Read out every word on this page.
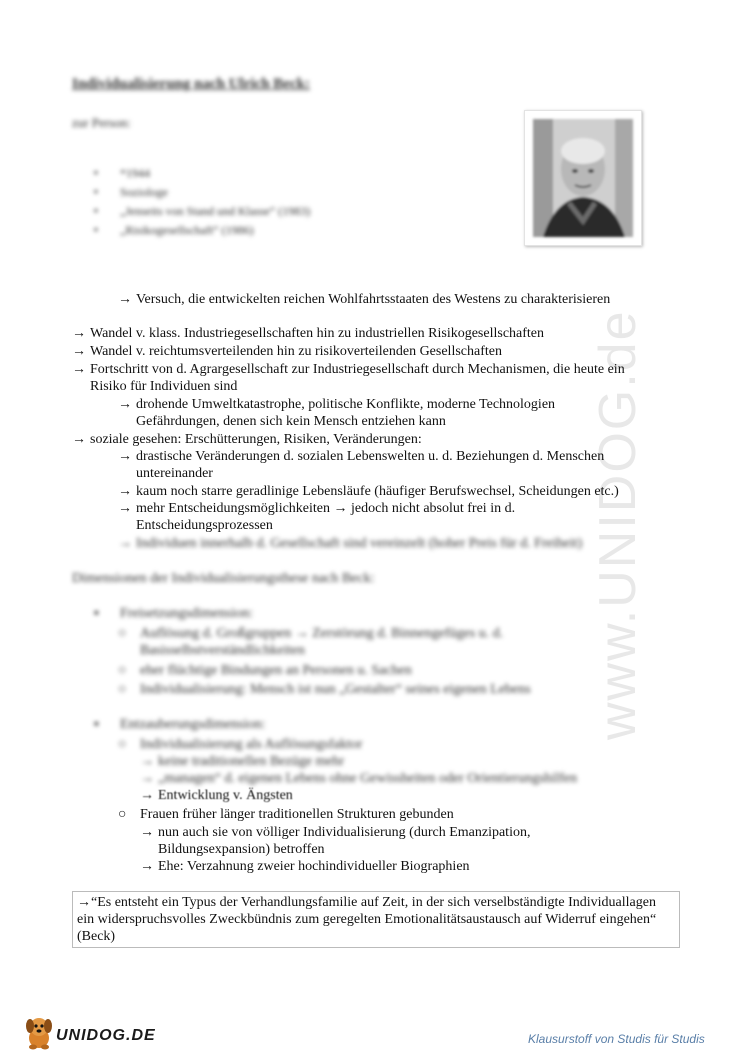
Individualisierung nach Ulrich Beck:
zur Person:
▪ *1944
▪ Soziologe
▪ „Jenseits von Stand und Klasse“ (1983)
▪ „Risikogesellschaft“ (1986)
www.UNIDOG.de
→ Versuch, die entwickelten reichen Wohlfahrtsstaaten des Westens zu charakterisieren
→ Wandel v. klass. Industriegesellschaften hin zu industriellen Risikogesellschaften
→ Wandel v. reichtumsverteilenden hin zu risikoverteilenden Gesellschaften
→ Fortschritt von d. Agrargesellschaft zur Industriegesellschaft durch Mechanismen, die heute ein
Risiko für Individuen sind
→ drohende Umweltkatastrophe, politische Konflikte, moderne Technologien
Gefährdungen, denen sich kein Mensch entziehen kann
→ soziale gesehen: Erschütterungen, Risiken, Veränderungen:
→ drastische Veränderungen d. sozialen Lebenswelten u. d. Beziehungen d. Menschen
untereinander
→ kaum noch starre geradlinige Lebensläufe (häufiger Berufswechsel, Scheidungen etc.)
→ mehr Entscheidungsmöglichkeiten → jedoch nicht absolut frei in d.
Entscheidungsprozessen
→ Individuen innerhalb d. Gesellschaft sind vereinzelt (hoher Preis für d. Freiheit)
Dimensionen der Individualisierungsthese nach Beck:
▪ Freisetzungsdimension:
○ Auflösung d. Großgruppen → Zerstörung d. Binnengefüges u. d.
Basisselbstverständlichkeiten
○ eher flüchtige Bindungen an Personen u. Sachen
○ Individualisierung: Mensch ist nun „Gestalter“ seines eigenen Lebens
▪ Entzauberungsdimension:
○ Individualisierung als Auflösungsfaktor
→ keine traditionellen Bezüge mehr
→ „managen“ d. eigenen Lebens ohne Gewissheiten oder Orientierungshilfen
→ Entwicklung v. Ängsten
○ Frauen früher länger traditionellen Strukturen gebunden
→ nun auch sie von völliger Individualisierung (durch Emanzipation,
Bildungsexpansion) betroffen
→ Ehe: Verzahnung zweier hochindividueller Biographien
→“Es entsteht ein Typus der Verhandlungsfamilie auf Zeit, in der sich verselbständigte Individuallagen ein widerspruchsvolles Zweckbündnis zum geregelten Emotionalitätsaustausch auf Widerruf eingehen“ (Beck)
UNIDOG.DE	Klausurstoff von Studis für Studis
